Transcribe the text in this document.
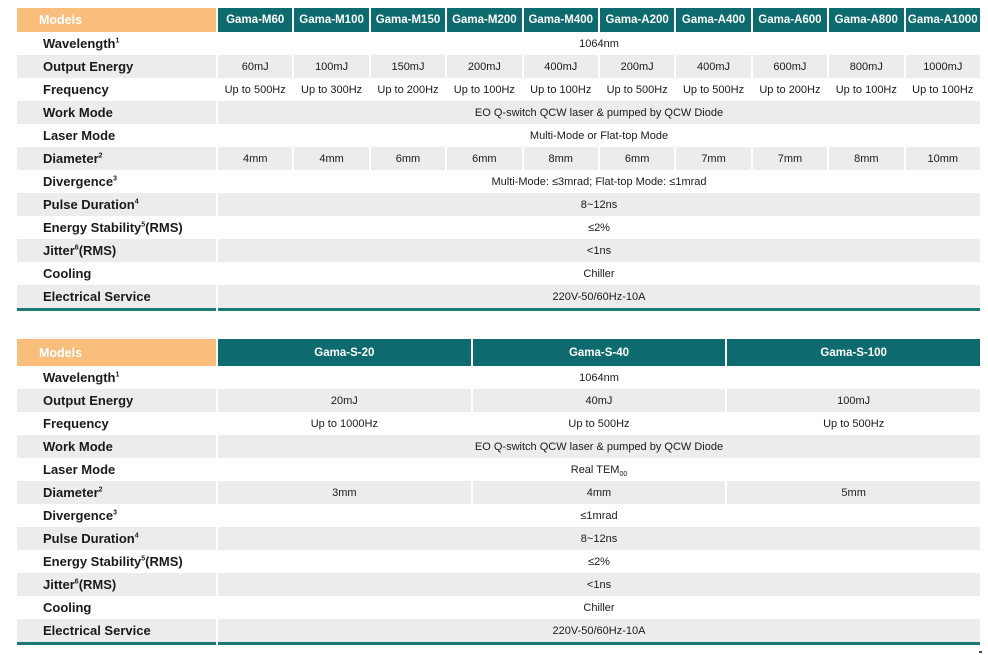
Models	Gama-M60	Gama-M100	Gama-M150	Gama-M200	Gama-M400	Gama-A200	Gama-A400	Gama-A600	Gama-A800	Gama-A1000
Wavelength$^1$	1064nm									
Output Energy	60mJ	100mJ	150mJ	200mJ	400mJ	200mJ	400mJ	600mJ	800mJ	1000mJ
Frequency	Up to 500Hz	Up to 300Hz	Up to 200Hz	Up to 100Hz	Up to 100Hz	Up to 500Hz	Up to 500Hz	Up to 200Hz	Up to 100Hz	Up to 100Hz
Work Mode	EO Q-switch QCW laser & pumped by QCW Diode									
Laser Mode	Multi-Mode or Flat-top Mode									
Diameter$^2$	4mm	4mm	6mm	6mm	8mm	6mm	7mm	7mm	8mm	10mm
Divergence$^3$	Multi-Mode: ≤3mrad; Flat-top Mode: ≤1mrad									
Pulse Duration$^4$	8~12ns									
Energy Stability$^5$(RMS)	≤2%									
Jitter$^6$(RMS)	<1ns									
Cooling	Chiller									
Electrical Service	220V-50/60Hz-10A									
Models	Gama-S-20	Gama-S-40	Gama-S-100
Wavelength$^1$	1064nm		
Output Energy	20mJ	40mJ	100mJ
Frequency	Up to 1000Hz	Up to 500Hz	Up to 500Hz
Work Mode	EO Q-switch QCW laser & pumped by QCW Diode		
Laser Mode	Real $TEM_{00}$
Diameter$^2$	3mm	4mm	5mm
Divergence$^3$	≤1mrad		
Pulse Duration$^4$	8~12ns		
Energy Stability$^5$(RMS)	≤2%		
Jitter$^6$(RMS)	<1ns		
Cooling	Chiller		
Electrical Service	220V-50/60Hz-10A		
